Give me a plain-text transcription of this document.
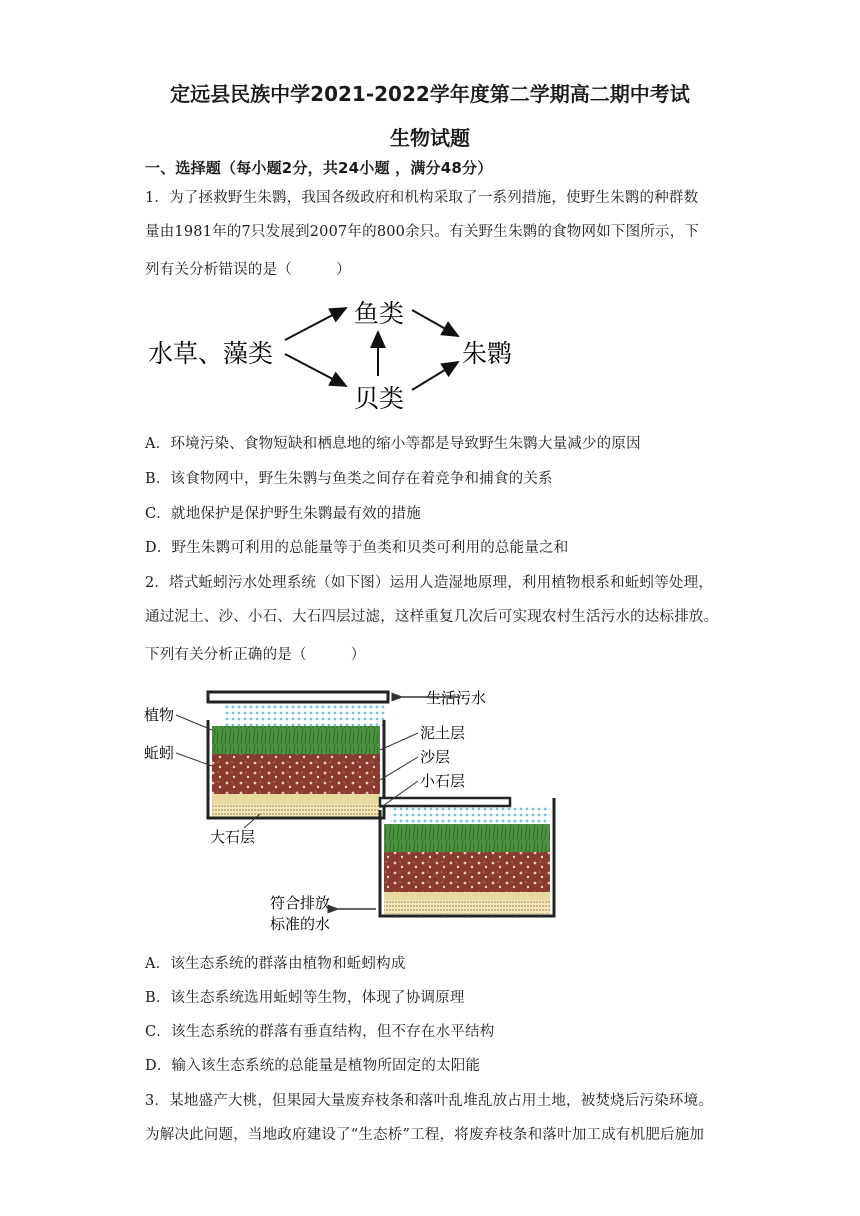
定远县民族中学2021-2022学年度第二学期高二期中考试
生物试题
一、选择题（每小题2分，共24小题 ，满分48分）
1．为了拯救野生朱鹮，我国各级政府和机构采取了一系列措施，使野生朱鹮的种群数
量由1981年的7只发展到2007年的800余只。有关野生朱鹮的食物网如下图所示，下
列有关分析错误的是（　　　）
水草、藻类
鱼类
贝类
朱鹮
A．环境污染、食物短缺和栖息地的缩小等都是导致野生朱鹮大量减少的原因
B．该食物网中，野生朱鹮与鱼类之间存在着竞争和捕食的关系
C．就地保护是保护野生朱鹮最有效的措施
D．野生朱鹮可利用的总能量等于鱼类和贝类可利用的总能量之和
2．塔式蚯蚓污水处理系统（如下图）运用人造湿地原理，利用植物根系和蚯蚓等处理，
通过泥土、沙、小石、大石四层过滤，这样重复几次后可实现农村生活污水的达标排放。
下列有关分析正确的是（　　　）
生活污水
植物
蚯蚓
大石层
泥土层
沙层
小石层
符合排放
标准的水
A．该生态系统的群落由植物和蚯蚓构成
B．该生态系统选用蚯蚓等生物，体现了协调原理
C．该生态系统的群落有垂直结构，但不存在水平结构
D．输入该生态系统的总能量是植物所固定的太阳能
3．某地盛产大桃，但果园大量废弃枝条和落叶乱堆乱放占用土地，被焚烧后污染环境。
为解决此问题，当地政府建设了“生态桥”工程，将废弃枝条和落叶加工成有机肥后施加
